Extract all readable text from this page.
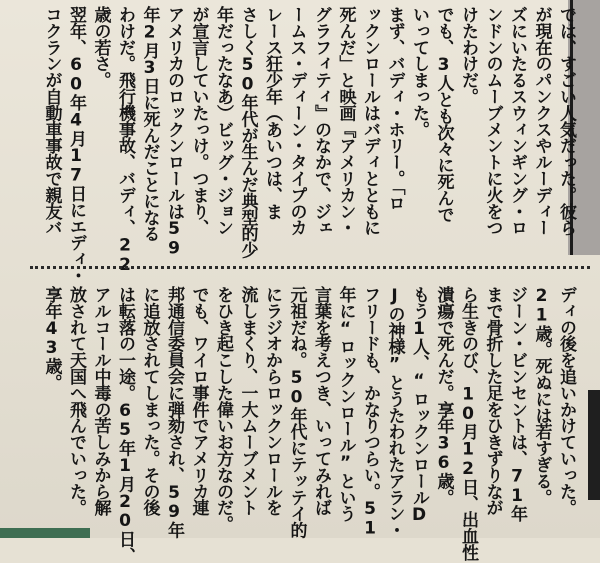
では、すごい人気だった。彼ら
が現在のパンクスやルーディー
ズにいたるスウィンギング・ロ
ンドンのムーブメントに火をつ
けたわけだ。
でも、3人とも次々に死んで
いってしまった。
まず、バディ・ホリー。「ロ
ックンロールはバディとともに
死んだ」と映画『アメリカン・
グラフィティ』のなかで、ジェ
ームス・ディーン・タイプのカ
レース狂少年（あいつは、ま
さしく50年代が生んだ典型的少
年だったなあ）ビッグ・ジョン
が宣言していたっけ。つまり、
アメリカのロックンロールは59
年2月3日に死んだことになる
わけだ。飛行機事故、バディ、22
歳の若さ。
翌年、60年4月17日にエディ・
コクランが自動車事故で親友バ
ディの後を追いかけていった。
21歳。死ぬには若すぎる。
ジーン・ビンセントは、71年
まで骨折した足をひきずりなが
ら生きのび、10月12日、出血性
潰瘍で死んだ。享年36歳。
もう1人、“ロックンロールD
Jの神様”とうたわれたアラン・
フリードも、かなりつらい。51
年に“ロックンロール”という
言葉を考えつき、いってみれば
元祖だね。50年代にテッテイ的
にラジオからロックンロールを
流しまくり、一大ムーブメント
をひき起こした偉いお方なのだ。
でも、ワイロ事件でアメリカ連
邦通信委員会に弾劾され、59年
に追放されてしまった。その後
は転落の一途。65年1月20日、
アルコール中毒の苦しみから解
放されて天国へ飛んでいった。
享年43歳。
